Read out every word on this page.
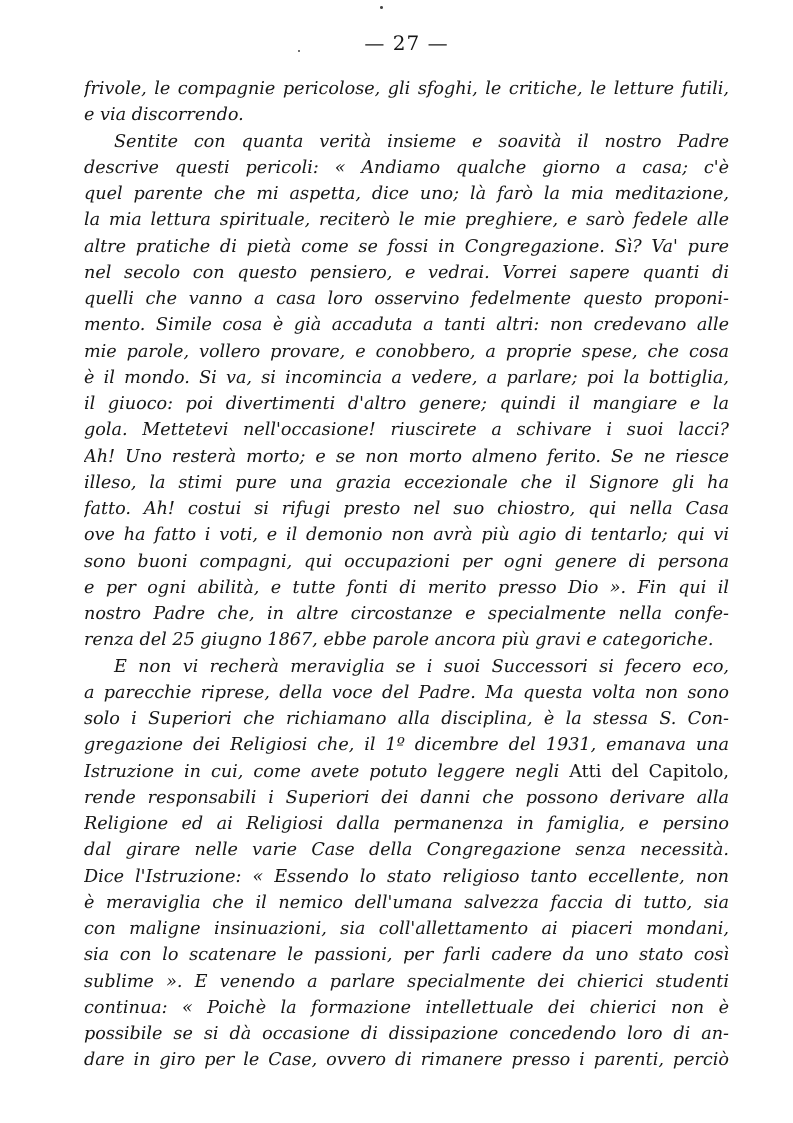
— 27 —
frivole, le compagnie pericolose, gli sfoghi, le critiche, le letture futili,
e via discorrendo.
Sentite con quanta verità insieme e soavità il nostro Padre
descrive questi pericoli: « Andiamo qualche giorno a casa; c'è
quel parente che mi aspetta, dice uno; là farò la mia meditazione,
la mia lettura spirituale, reciterò le mie preghiere, e sarò fedele alle
altre pratiche di pietà come se fossi in Congregazione. Sì? Va' pure
nel secolo con questo pensiero, e vedrai. Vorrei sapere quanti di
quelli che vanno a casa loro osservino fedelmente questo proponi-
mento. Simile cosa è già accaduta a tanti altri: non credevano alle
mie parole, vollero provare, e conobbero, a proprie spese, che cosa
è il mondo. Si va, si incomincia a vedere, a parlare; poi la bottiglia,
il giuoco: poi divertimenti d'altro genere; quindi il mangiare e la
gola. Mettetevi nell'occasione! riuscirete a schivare i suoi lacci?
Ah! Uno resterà morto; e se non morto almeno ferito. Se ne riesce
illeso, la stimi pure una grazia eccezionale che il Signore gli ha
fatto. Ah! costui si rifugi presto nel suo chiostro, qui nella Casa
ove ha fatto i voti, e il demonio non avrà più agio di tentarlo; qui vi
sono buoni compagni, qui occupazioni per ogni genere di persona
e per ogni abilità, e tutte fonti di merito presso Dio ». Fin qui il
nostro Padre che, in altre circostanze e specialmente nella confe-
renza del 25 giugno 1867, ebbe parole ancora più gravi e categoriche.
E non vi recherà meraviglia se i suoi Successori si fecero eco,
a parecchie riprese, della voce del Padre. Ma questa volta non sono
solo i Superiori che richiamano alla disciplina, è la stessa S. Con-
gregazione dei Religiosi che, il 1º dicembre del 1931, emanava una
Istruzione in cui, come avete potuto leggere negli Atti del Capitolo,
rende responsabili i Superiori dei danni che possono derivare alla
Religione ed ai Religiosi dalla permanenza in famiglia, e persino
dal girare nelle varie Case della Congregazione senza necessità.
Dice l'Istruzione: « Essendo lo stato religioso tanto eccellente, non
è meraviglia che il nemico dell'umana salvezza faccia di tutto, sia
con maligne insinuazioni, sia coll'allettamento ai piaceri mondani,
sia con lo scatenare le passioni, per farli cadere da uno stato così
sublime ». E venendo a parlare specialmente dei chierici studenti
continua: « Poichè la formazione intellettuale dei chierici non è
possibile se si dà occasione di dissipazione concedendo loro di an-
dare in giro per le Case, ovvero di rimanere presso i parenti, perciò
